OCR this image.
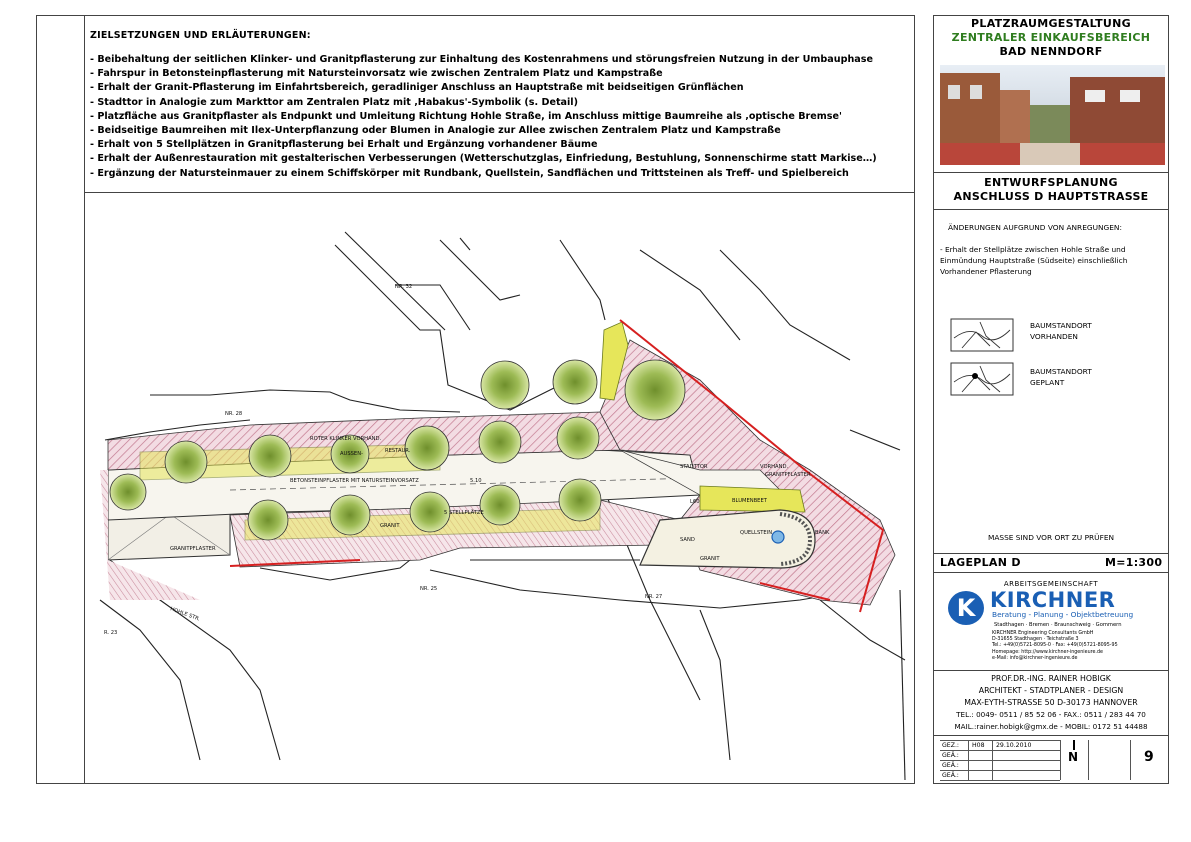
ZIELSETZUNGEN UND ERLÄUTERUNGEN:
- Beibehaltung der seitlichen Klinker- und Granitpflasterung zur Einhaltung des Kostenrahmens und störungsfreien Nutzung in der Umbauphase
- Fahrspur in Betonsteinpflasterung mit Natursteinvorsatz wie zwischen Zentralem Platz und Kampstraße
- Erhalt der Granit-Pflasterung im Einfahrtsbereich, geradliniger Anschluss an Hauptstraße mit beidseitigen Grünflächen
- Stadttor in Analogie zum Markttor am Zentralen Platz mit ‚Habakus'-Symbolik (s. Detail)
- Platzfläche aus Granitpflaster als Endpunkt und Umleitung Richtung Hohle Straße, im Anschluss mittige Baumreihe als ‚optische Bremse'
- Beidseitige Baumreihen mit Ilex-Unterpflanzung oder Blumen in Analogie zur Allee zwischen Zentralem Platz und Kampstraße
- Erhalt von 5 Stellplätzen in Granitpflasterung bei Erhalt und Ergänzung vorhandener Bäume
- Erhalt der Außenrestauration mit gestalterischen Verbesserungen (Wetterschutzglas, Einfriedung, Bestuhlung, Sonnenschirme statt Markise…)
- Ergänzung der Natursteinmauer zu einem Schiffskörper mit Rundbank, Quellstein, Sandflächen und Trittsteinen als Treff- und Spielbereich
NR. 32
NR. 28
R. 23
NR. 25
NR. 27
HOHLE STR.
GRANITPFLASTER
ROTER KLINKER VORHAND.
AUSSEN-	RESTAUR.
BETONSTEINPFLASTER MIT NATURSTEINVORSATZ	5.10
5 STELLPLÄTZE
GRANIT
GRANIT
STADTTOR	VORHAND.
GRANITPFLASTER
L60	BLUMENBEET
SAND
QUELLSTEIN	BANK
PLATZRAUMGESTALTUNG
ZENTRALER EINKAUFSBEREICH
BAD NENNDORF
ENTWURFSPLANUNG
ANSCHLUSS D HAUPTSTRASSE
ÄNDERUNGEN AUFGRUND VON ANREGUNGEN:
- Erhalt der Stellplätze zwischen Hohle Straße und Einmündung Hauptstraße (Südseite) einschließlich Vorhandener Pflasterung
BAUMSTANDORT
VORHANDEN
BAUMSTANDORT
GEPLANT
MASSE SIND VOR ORT ZU PRÜFEN
LAGEPLAN D	M=1:300
ARBEITSGEMEINSCHAFT
K KIRCHNER
Beratung - Planung - Objektbetreuung
Stadthagen · Bremen · Braunschweig · Gommern
KIRCHNER Engineering Consultants GmbH
D-31655 Stadthagen · Teichstraße 3
Tel.: +49(0)5721-8095-0 · Fax: +49(0)5721-8095-95
Homepage: http://www.kirchner-ingenieure.de
e-Mail: info@kirchner-ingenieure.de
PROF.DR.-ING. RAINER HOBIGK
ARCHITEKT - STADTPLANER - DESIGN
MAX-EYTH-STRASSE 50 D-30173 HANNOVER
TEL.: 0049- 0511 / 85 52 06 - FAX.: 0511 / 283 44 70
MAIL.:rainer.hobigk@gmx.de - MOBIL: 0172 51 44488
GEZ.: H08 29.10.2010
GEÄ.:
GEÄ.:
GEÄ.:
N	9
